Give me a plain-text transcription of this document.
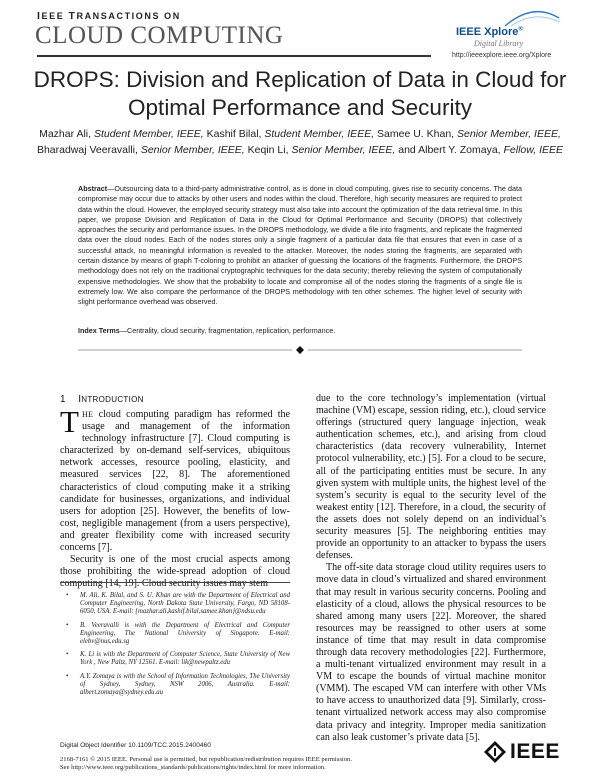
IEEE TRANSACTIONS ON
CLOUD COMPUTING	IEEE Xplore®
Digital Library
http://ieeexplore.ieee.org/Xplore
DROPS: Division and Replication of Data in Cloud for Optimal Performance and Security
Mazhar Ali, Student Member, IEEE, Kashif Bilal, Student Member, IEEE, Samee U. Khan, Senior Member, IEEE, Bharadwaj Veeravalli, Senior Member, IEEE, Keqin Li, Senior Member, IEEE, and Albert Y. Zomaya, Fellow, IEEE
Abstract—Outsourcing data to a third-party administrative control, as is done in cloud computing, gives rise to security concerns. The data compromise may occur due to attacks by other users and nodes within the cloud. Therefore, high security measures are required to protect data within the cloud. However, the employed security strategy must also take into account the optimization of the data retrieval time. In this paper, we propose Division and Replication of Data in the Cloud for Optimal Performance and Security (DROPS) that collectively approaches the security and performance issues. In the DROPS methodology, we divide a file into fragments, and replicate the fragmented data over the cloud nodes. Each of the nodes stores only a single fragment of a particular data file that ensures that even in case of a successful attack, no meaningful information is revealed to the attacker. Moreover, the nodes storing the fragments, are separated with certain distance by means of graph T-coloring to prohibit an attacker of guessing the locations of the fragments. Furthermore, the DROPS methodology does not rely on the traditional cryptographic techniques for the data security; thereby relieving the system of computationally expensive methodologies. We show that the probability to locate and compromise all of the nodes storing the fragments of a single file is extremely low. We also compare the performance of the DROPS methodology with ten other schemes. The higher level of security with slight performance overhead was observed.
Index Terms—Centrality, cloud security, fragmentation, replication, performance.
1 INTRODUCTION

THE cloud computing paradigm has reformed the usage and management of the information technology infrastructure [7]. Cloud computing is characterized by on-demand self-services, ubiquitous network accesses, resource pooling, elasticity, and measured services [22, 8]. The aforementioned characteristics of cloud computing make it a striking candidate for businesses, organizations, and individual users for adoption [25]. However, the benefits of low-cost, negligible management (from a users perspective), and greater flexibility come with increased security concerns [7].

Security is one of the most crucial aspects among those prohibiting the wide-spread adoption of cloud computing [14, 19]. Cloud security issues may stem

•	M. Ali, K. Bilal, and S. U. Khan are with the Department of Electrical and Computer Engineering, North Dakota State University, Fargo, ND 58108-6050, USA. E-mail: {mazhar.ali,kashif.bilal,samee.khan}@ndsu.edu
•	B. Veeravalli is with the Department of Electrical and Computer Engineering, The National University of Singapore. E-mail: elebv@nus.edu.sg
•	K. Li is with the Department of Computer Science, State University of New York , New Paltz, NY 12561. E-mail: lik@newpaltz.edu
•	A.Y. Zomaya is with the School of Information Technologies, The University of Sydney, Sydney, NSW 2006, Australia. E-mail: albert.zomaya@sydney.edu.au

due to the core technology’s implementation (virtual machine (VM) escape, session riding, etc.), cloud service offerings (structured query language injection, weak authentication schemes, etc.), and arising from cloud characteristics (data recovery vulnerability, Internet protocol vulnerability, etc.) [5]. For a cloud to be secure, all of the participating entities must be secure. In any given system with multiple units, the highest level of the system’s security is equal to the security level of the weakest entity [12]. Therefore, in a cloud, the security of the assets does not solely depend on an individual’s security measures [5]. The neighboring entities may provide an opportunity to an attacker to bypass the users defenses.

The off-site data storage cloud utility requires users to move data in cloud’s virtualized and shared environment that may result in various security concerns. Pooling and elasticity of a cloud, allows the physical resources to be shared among many users [22]. Moreover, the shared resources may be reassigned to other users at some instance of time that may result in data compromise through data recovery methodologies [22]. Furthermore, a multi-tenant virtualized environment may result in a VM to escape the bounds of virtual machine monitor (VMM). The escaped VM can interfere with other VMs to have access to unauthorized data [9]. Similarly, cross-tenant virtualized network access may also compromise data privacy and integrity. Improper media sanitization can also leak customer’s private data [5].

Digital Object Identifier 10.1109/TCC.2015.2400460
2168-7161 © 2015 IEEE. Personal use is permitted, but republication/redistribution requires IEEE permission.
See http://www.ieee.org/publications_standards/publications/rights/index.html for more information.
IEEE
